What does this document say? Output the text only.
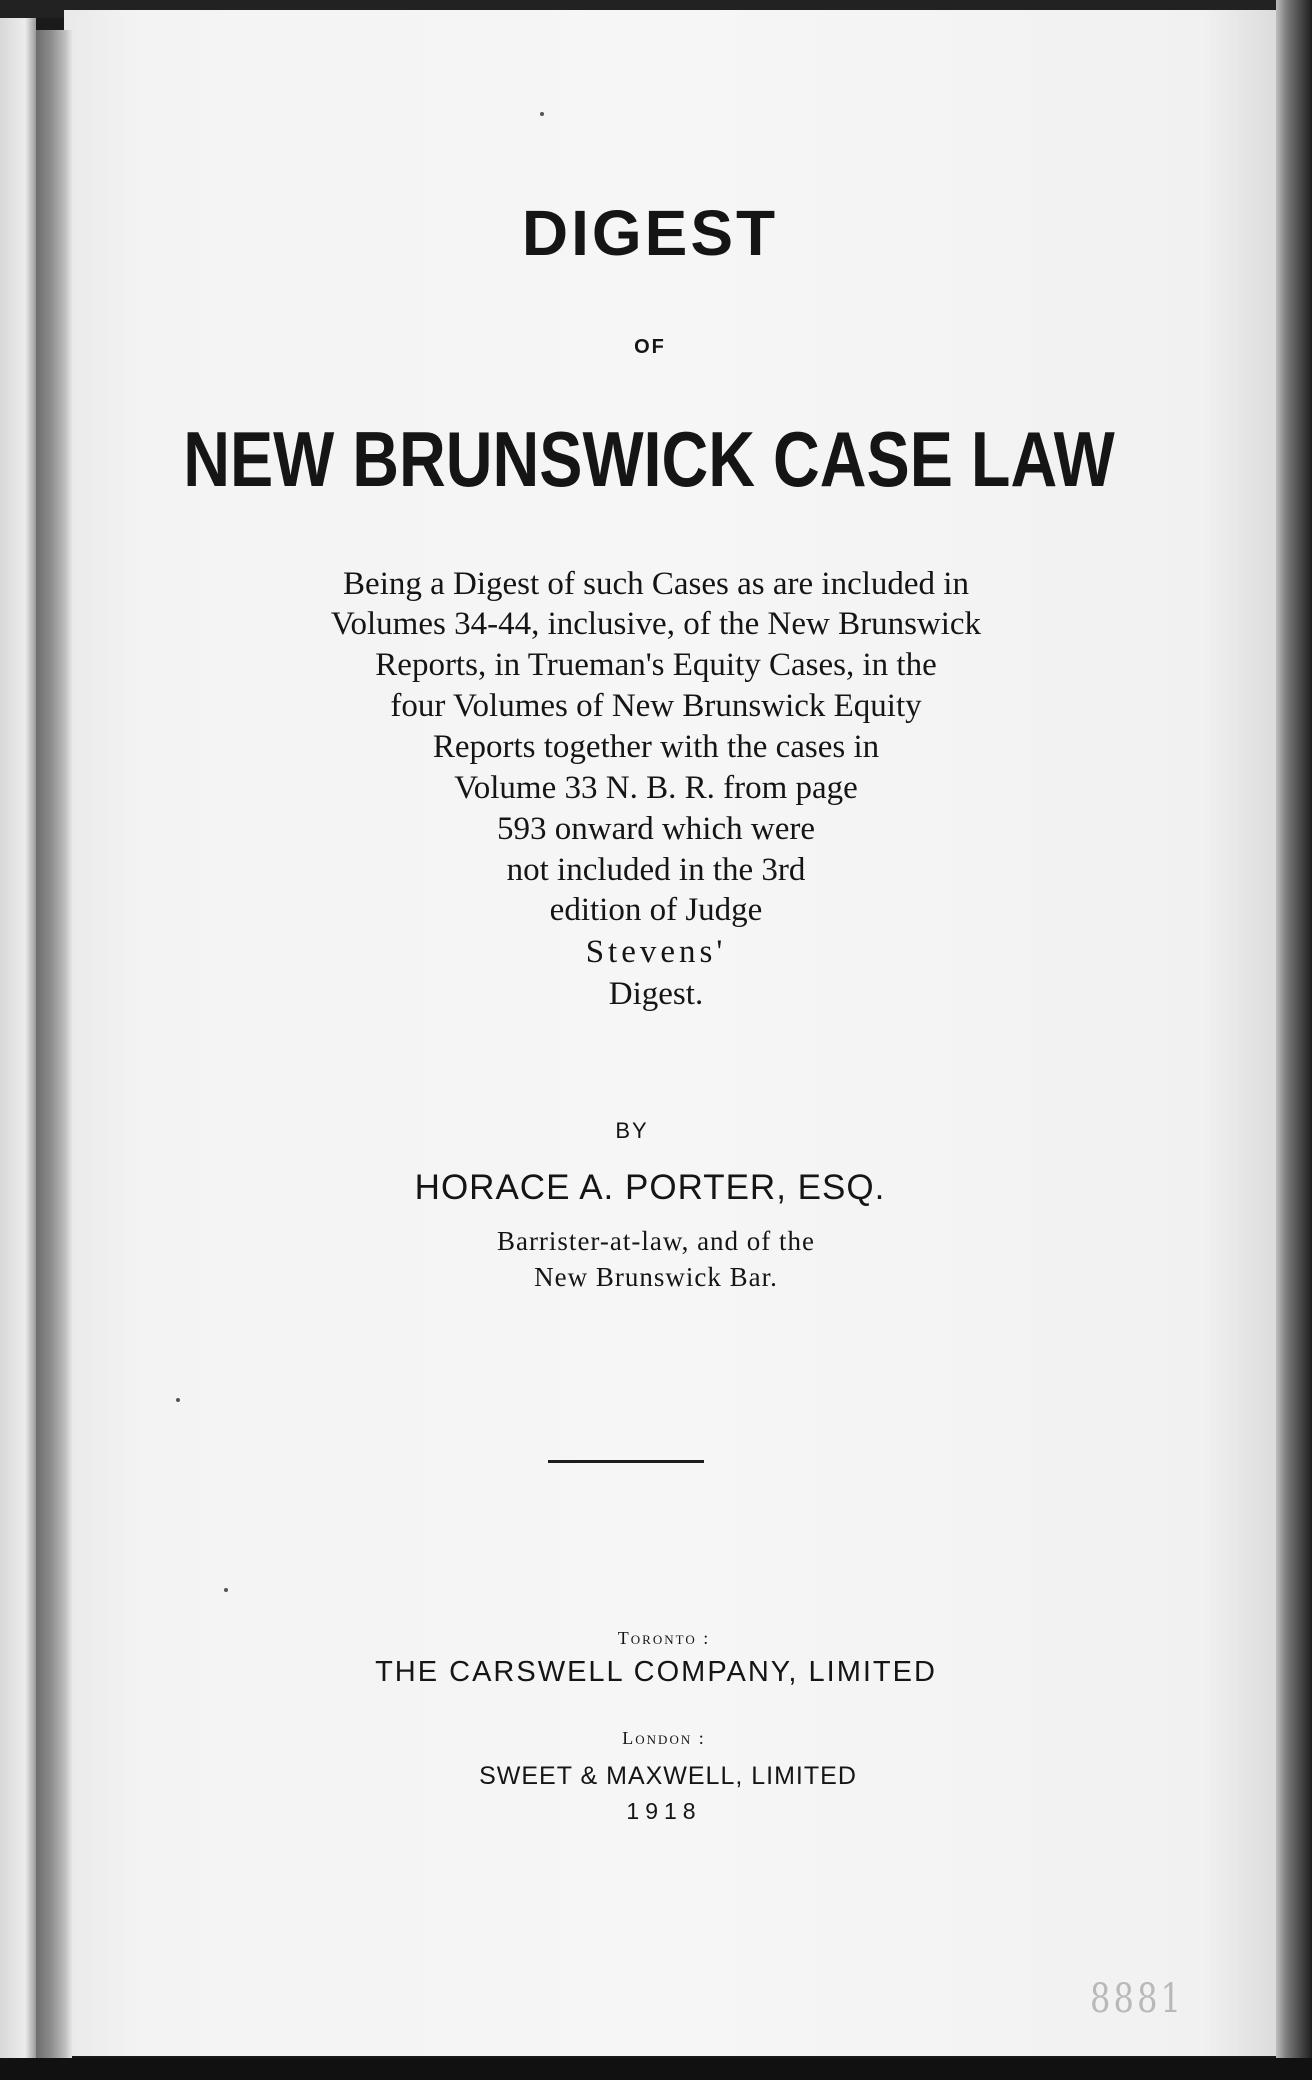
DIGEST
OF
NEW BRUNSWICK CASE LAW

Being a Digest of such Cases as are included in

Volumes 34-44, inclusive, of the New Brunswick

Reports, in Trueman's Equity Cases, in the

four Volumes of New Brunswick Equity

Reports together with the cases in

Volume 33 N. B. R. from page

593 onward which were

not included in the 3rd

edition of Judge

Stevens'

Digest.

BY
HORACE A. PORTER, ESQ.

Barrister-at-law, and of the

New Brunswick Bar.

Toronto :
THE CARSWELL COMPANY, LIMITED
London :
SWEET & MAXWELL, LIMITED
1918
8881
